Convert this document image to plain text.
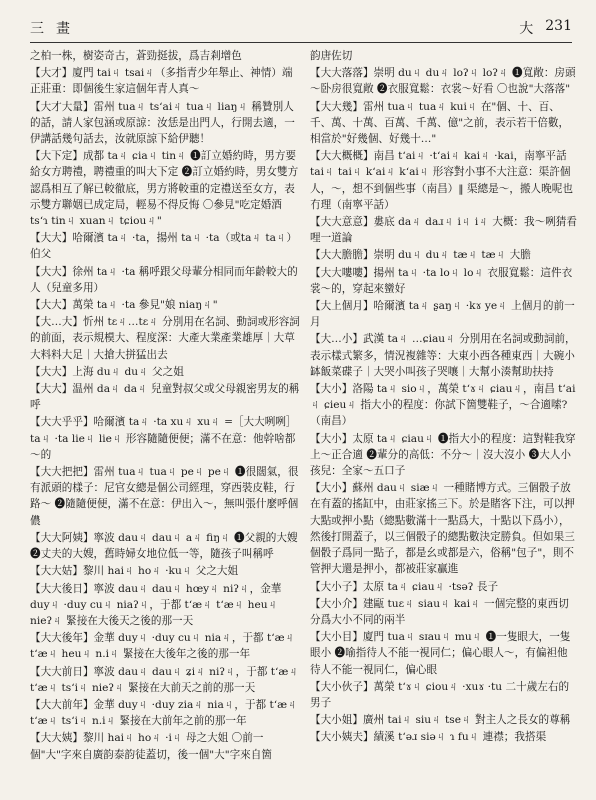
三畫	大 231
之柏一株，樹姿奇古，蒼勁挺拔，爲吉剎增色
【大才】廈門 taiㄐ tsaiㄐ（多指青少年舉止、神情）端正莊重：即個後生家這個年青人真～
【大才大量】雷州 tuaㄐ tsʻaiㄐ tuaㄐ liaŋㄐ 稱贊別人的話，請人家包涵或原諒：汝恁是出門人，行開去適，一伊講話幾句話去，汝就原諒下給伊聽！
【大下定】成都 taㄐ ɕiaㄐ tinㄐ ❶訂立婚約時，男方要給女方聘禮，聘禮重的叫大下定 ❷訂立婚約時，男女雙方認爲相互了解已較徹底，男方將較重的定禮送至女方，表示雙方聯姻已成定局，輕易不得反悔 〇參見"吃定婚酒 tsʻɿ tinㄐ xuanㄐ tɕiouㄐ"
【大大】哈爾濱 taㄐ ·ta，揚州 taㄐ ·ta（或taㄐ taㄐ）伯父
【大大】徐州 taㄐ ·ta 稱呼跟父母輩分相同而年齡較大的人（兒童多用）
【大大】萬榮 taㄐ ·ta 參見"娘 niaŋㄐ"
【大…大】忻州 tɛㄐ…tɛㄐ 分別用在名詞、動詞或形容詞的前面，表示規模大、程度深：大產大業產業雄厚｜大草大料料大足｜大搶大拼猛出去
【大大】上海 duㄐ duㄐ 父之姐
【大大】温州 daㄐ daㄐ 兒童對叔父或父母親密男友的稱呼
【大大乎乎】哈爾濱 taㄐ ·ta xuㄐ xuㄐ =［大大咧咧］taㄐ ·ta lieㄐ lieㄐ 形容隨隨便便；滿不在意：他幹啥都～的
【大大把把】雷州 tuaㄐ tuaㄐ peㄐ peㄐ ❶很闊氣，很有派頭的樣子：尼官女總是個公司經理，穿西裝皮鞋，行路～ ❷隨隨便便，滿不在意：伊出入～，無叫張什麼呼個儂
【大大阿姨】寧波 dauㄐ dauㄐ aㄐ fiŋㄐ ❶父親的大嫂 ❷丈夫的大嫂，舊時婦女地位低一等，隨孩子叫稱呼
【大大姑】黎川 haiㄐ hoㄐ ·kuㄐ 父之大姐
【大大後日】寧波 dauㄐ dauㄐ hœyㄐ niʔㄐ，金華 duyㄐ ·duy cuㄐ niaʔㄐ，于都 tʻæㄐ tʻæㄐ heuㄐ nieʔㄐ 緊接在大後天之後的那一天
【大大後年】金華 duyㄐ ·duy cuㄐ niaㄐ，于都 tʻæㄐ tʻæㄐ heuㄐ n.iㄐ 緊接在大後年之後的那一年
【大大前日】寧波 dauㄐ dauㄐ ʑiㄐ niʔㄐ，于都 tʻæㄐ tʻæㄐ tsʻiㄐ nieʔㄐ 緊接在大前天之前的那一天
【大大前年】金華 duyㄐ ·duy ziaㄐ niaㄐ，于都 tʻæㄐ tʻæㄐ tsʻiㄐ n.iㄐ 緊接在大前年之前的那一年
【大大姨】黎川 haiㄐ hoㄐ ·iㄐ 母之大姐 〇前一個"大"字來自廣韵泰韵徒蓋切，後一個"大"字來自箇
韵唐佐切
【大大落落】崇明 duㄐ duㄐ loʔㄐ loʔㄐ ❶寬敞：房頭～卧房很寬敞 ❷衣服寬鬆：衣裳～好看 〇也說"大落落"
【大大幾】雷州 tuaㄐ tuaㄐ kuiㄐ 在"個、十、百、千、萬、十萬、百萬、千萬、億"之前，表示若干倍數，相當於"好幾個、好幾十…"
【大大概概】南昌 tʻaiㄐ ·tʻaiㄐ kaiㄐ ·kai，南寧平話 taiㄐ taiㄐ kʻaiㄐ kʻaiㄐ 形容對小事不大注意：渠許個人，～，想不到個些事（南昌）‖ 渠總是～，搬人晚呢也冇理（南寧平話）
【大大意意】婁底 daㄐ daɹㄐ iㄐ iㄐ 大概：我～咧猜看哩一道論
【大大膽膽】崇明 duㄐ duㄐ tæㄐ tæㄐ 大膽
【大大嘍嘍】揚州 taㄐ ·ta loㄐ loㄐ 衣服寬鬆：這件衣裳～的，穿起來蠻好
【大上個月】哈爾濱 taㄐ ʂaŋㄐ ·kɤ yeㄐ 上個月的前一月
【大…小】武漢 taㄐ …ɕiauㄐ 分別用在名詞或動詞前，表示樣式繁多，情況複雜等：大東小西各種東西｜大碗小缽飯菜碟子｜大哭小叫孩子哭嚷｜大幫小湊幫助扶持
【大小】洛陽 taㄐ sioㄐ，萬榮 tʻɤㄐ ɕiauㄐ，南昌 tʻaiㄐ ɕieuㄐ 指大小的程度：你試下箇雙鞋子，～合適嗦?（南昌）
【大小】太原 taㄐ ɕiauㄐ ❶指大小的程度：這對鞋我穿上～正合適 ❷輩分的高低：不分～｜沒大沒小 ❸大人小孩兒：全家～五口子
【大小】蘇州 dauㄐ siæㄐ 一種賭博方式。三個骰子放在有蓋的搖缸中，由莊家搖三下。於是賭客下注，可以押大點或押小點（總點數滿十一點爲大，十點以下爲小），然後打開蓋子，以三個骰子的總點數決定勝負。但如果三個骰子爲同一點子，都是幺或都是六，俗稱"包子"，則不管押大還是押小，都被莊家贏進
【大小子】太原 taㄐ ɕiauㄐ ·tsəʔ 長子
【大小介】建甌 tuɛㄐ siauㄐ kaiㄐ 一個完整的東西切分爲大小不同的兩半
【大小目】廈門 tuaㄐ sɪauㄐ muㄐ ❶一隻眼大，一隻眼小 ❷喻指待人不能一視同仁；偏心眼人～，有偏袒他待人不能一視同仁，偏心眼
【大小伙子】萬榮 tʻɤㄐ ɕiouㄐ ·xuɤ ·tu 二十歲左右的男子
【大小姐】廣州 taiㄐ siuㄐ tseㄐ 對主人之長女的尊稱
【大小姨夫】績溪 tʻəɹ siəㄐ ɿ fuㄐ 連襟；我搭渠
